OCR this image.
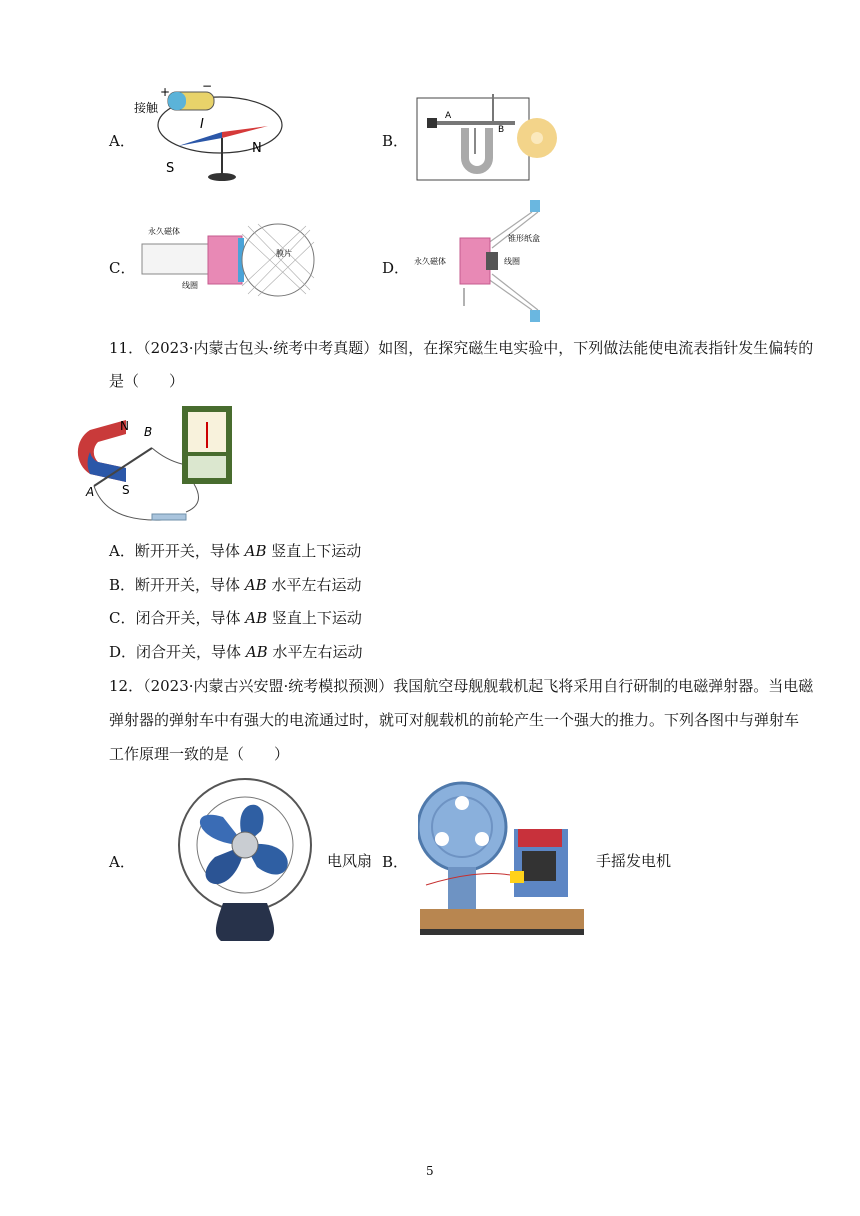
A．
接触
+	−
I
N
S
B．
A
B
C．
永久磁体
线圈
膜片
D． 永久磁体
锥形纸盒
线圈
11．（2023·内蒙古包头·统考中考真题）如图，在探究磁生电实验中，下列做法能使电流表指针发生偏转的
是（　　）
N
S
A
B
A．断开开关，导体 AB 竖直上下运动
B．断开开关，导体 AB 水平左右运动
C．闭合开关，导体 AB 竖直上下运动
D．闭合开关，导体 AB 水平左右运动
12．（2023·内蒙古兴安盟·统考模拟预测）我国航空母舰舰载机起飞将采用自行研制的电磁弹射器。当电磁
弹射器的弹射车中有强大的电流通过时，就可对舰载机的前轮产生一个强大的推力。下列各图中与弹射车
工作原理一致的是（　　）
A．	电风扇 B．	手摇发电机
5
